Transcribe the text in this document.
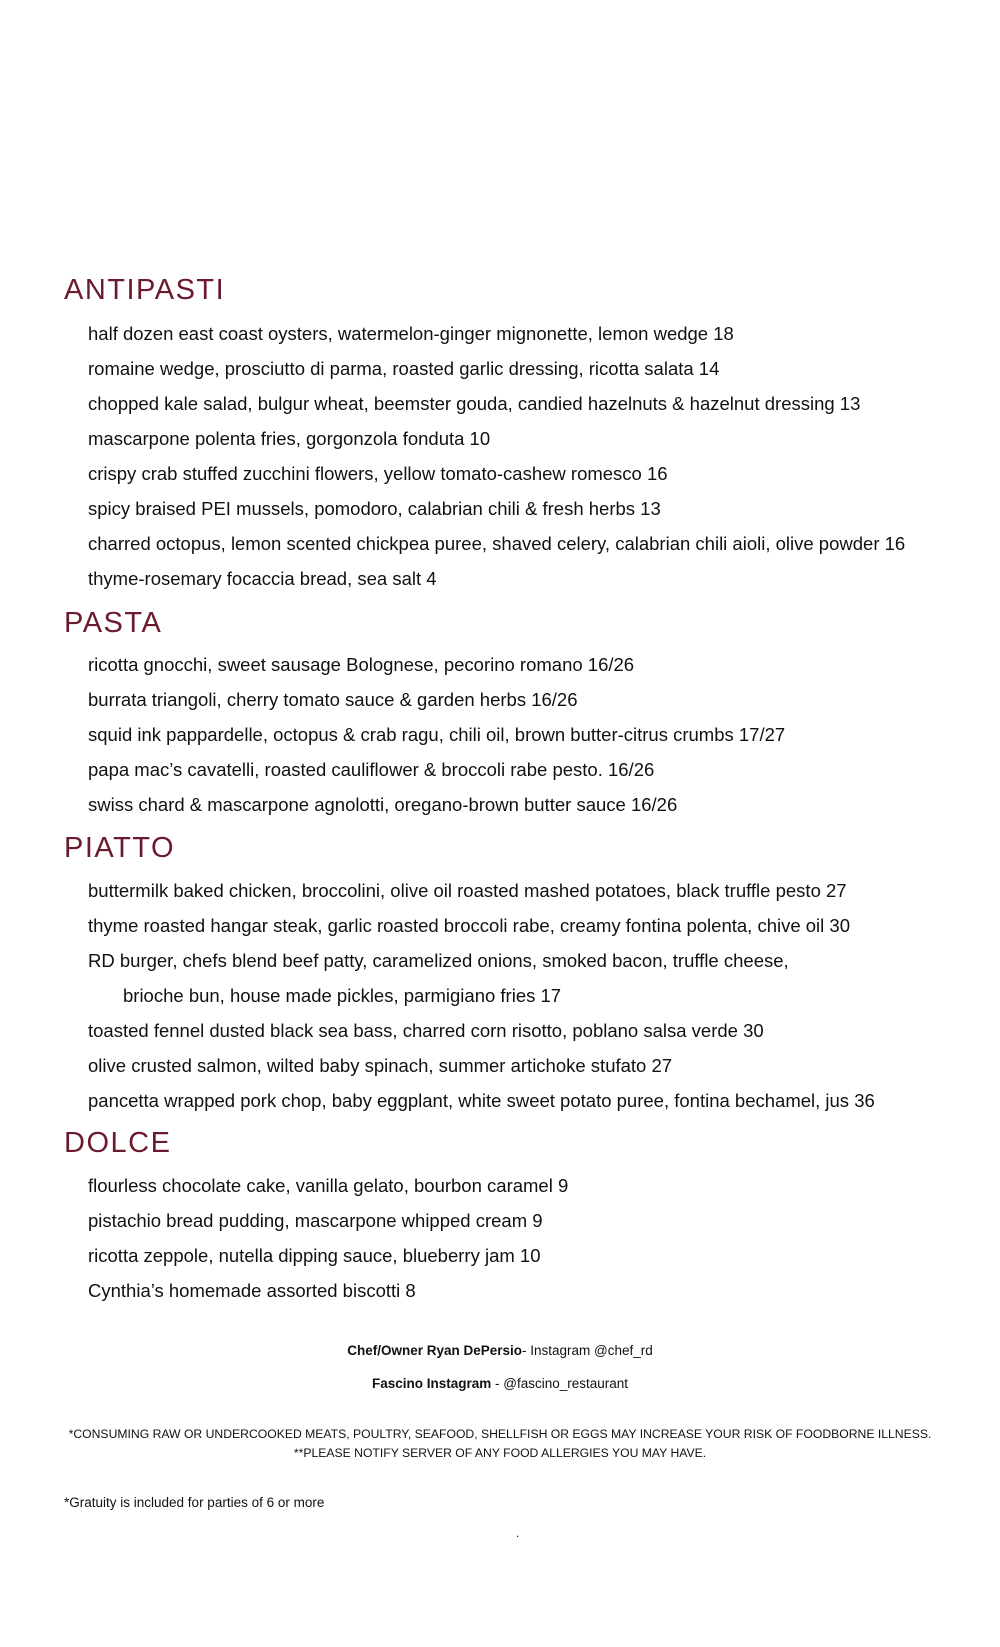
ANTIPASTI

half dozen east coast oysters, watermelon-ginger mignonette, lemon wedge 18

romaine wedge, prosciutto di parma, roasted garlic dressing, ricotta salata 14

chopped kale salad, bulgur wheat, beemster gouda, candied hazelnuts & hazelnut dressing 13

mascarpone polenta fries, gorgonzola fonduta 10

crispy crab stuffed zucchini flowers, yellow tomato-cashew romesco 16

spicy braised PEI mussels, pomodoro, calabrian chili & fresh herbs 13

charred octopus, lemon scented chickpea puree, shaved celery, calabrian chili aioli, olive powder 16

thyme-rosemary focaccia bread, sea salt 4

PASTA

ricotta gnocchi, sweet sausage Bolognese, pecorino romano 16/26

burrata triangoli, cherry tomato sauce & garden herbs 16/26

squid ink pappardelle, octopus & crab ragu, chili oil, brown butter-citrus crumbs 17/27

papa mac’s cavatelli, roasted cauliflower & broccoli rabe pesto. 16/26

swiss chard & mascarpone agnolotti, oregano-brown butter sauce 16/26

PIATTO

buttermilk baked chicken, broccolini, olive oil roasted mashed potatoes, black truffle pesto 27

thyme roasted hangar steak, garlic roasted broccoli rabe, creamy fontina polenta, chive oil 30

RD burger, chefs blend beef patty, caramelized onions, smoked bacon, truffle cheese,

brioche bun, house made pickles, parmigiano fries 17

toasted fennel dusted black sea bass, charred corn risotto, poblano salsa verde 30

olive crusted salmon, wilted baby spinach, summer artichoke stufato 27

pancetta wrapped pork chop, baby eggplant, white sweet potato puree, fontina bechamel, jus 36

DOLCE

flourless chocolate cake, vanilla gelato, bourbon caramel 9

pistachio bread pudding, mascarpone whipped cream 9

ricotta zeppole, nutella dipping sauce, blueberry jam 10

Cynthia’s homemade assorted biscotti 8

Chef/Owner Ryan DePersio- Instagram @chef_rd
Fascino Instagram - @fascino_restaurant
*CONSUMING RAW OR UNDERCOOKED MEATS, POULTRY, SEAFOOD, SHELLFISH OR EGGS MAY INCREASE YOUR RISK OF FOODBORNE ILLNESS.
**PLEASE NOTIFY SERVER OF ANY FOOD ALLERGIES YOU MAY HAVE.
*Gratuity is included for parties of 6 or more
.
